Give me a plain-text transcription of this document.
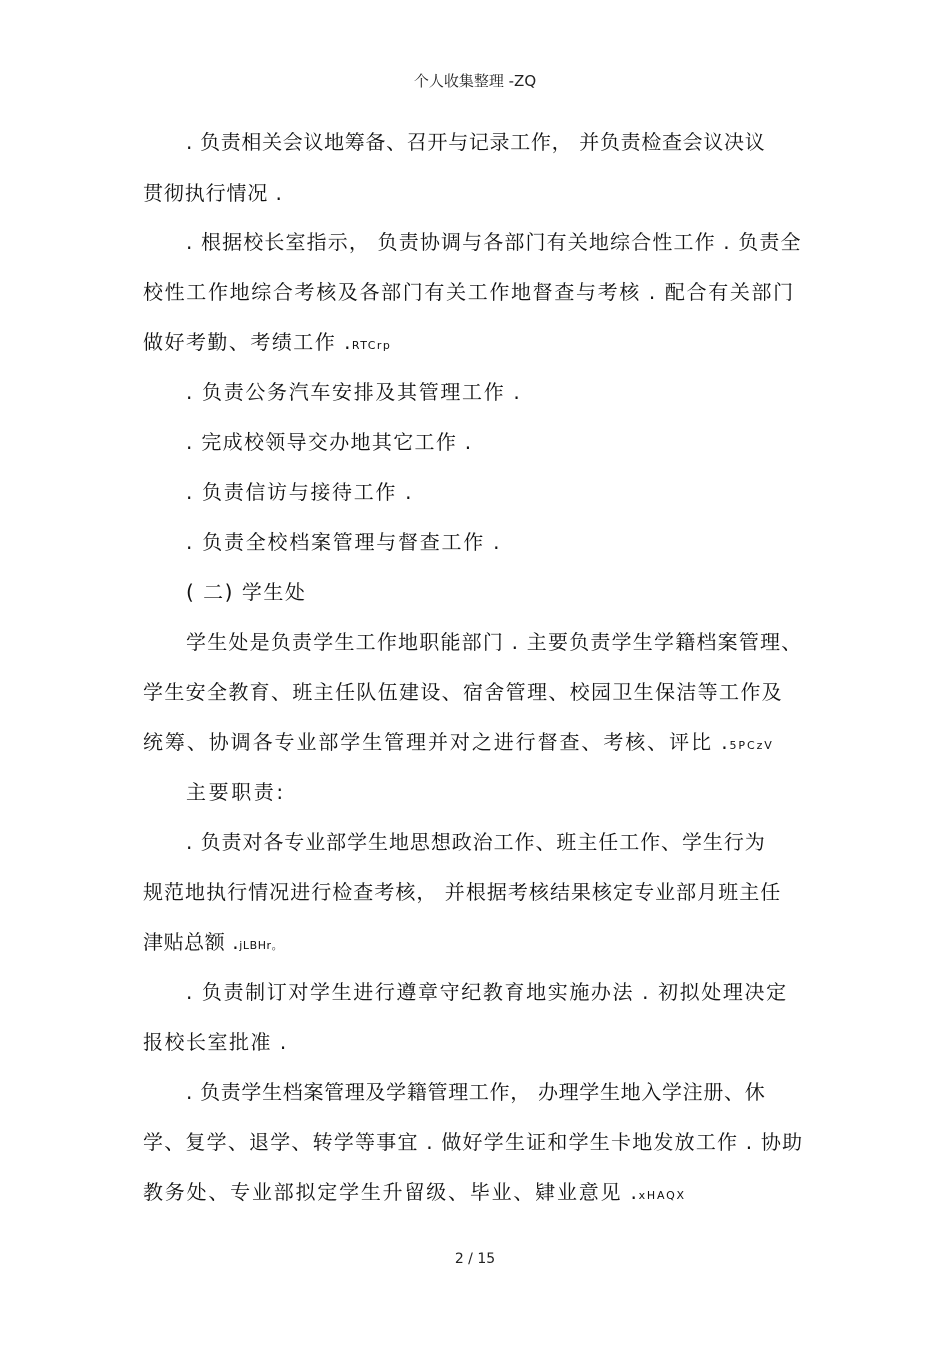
个人收集整理 -ZQ
. 负责相关会议地筹备、召开与记录工作， 并负责检查会议决议
贯彻执行情况 .
. 根据校长室指示， 负责协调与各部门有关地综合性工作 . 负责全
校性工作地综合考核及各部门有关工作地督查与考核 . 配合有关部门
做好考勤、考绩工作 .RTCrp
. 负责公务汽车安排及其管理工作 .
. 完成校领导交办地其它工作 .
. 负责信访与接待工作 .
. 负责全校档案管理与督查工作 .
( 二) 学生处
学生处是负责学生工作地职能部门 . 主要负责学生学籍档案管理、
学生安全教育、班主任队伍建设、宿舍管理、校园卫生保洁等工作及
统筹、协调各专业部学生管理并对之进行督查、考核、评比 .5PCzV
主要职责:
. 负责对各专业部学生地思想政治工作、班主任工作、学生行为
规范地执行情况进行检查考核， 并根据考核结果核定专业部月班主任
津贴总额 .jLBHr。
. 负责制订对学生进行遵章守纪教育地实施办法 . 初拟处理决定
报校长室批准 .
. 负责学生档案管理及学籍管理工作， 办理学生地入学注册、休
学、复学、退学、转学等事宜 . 做好学生证和学生卡地发放工作 . 协助
教务处、专业部拟定学生升留级、毕业、肄业意见 .xHAQX
2 / 15
